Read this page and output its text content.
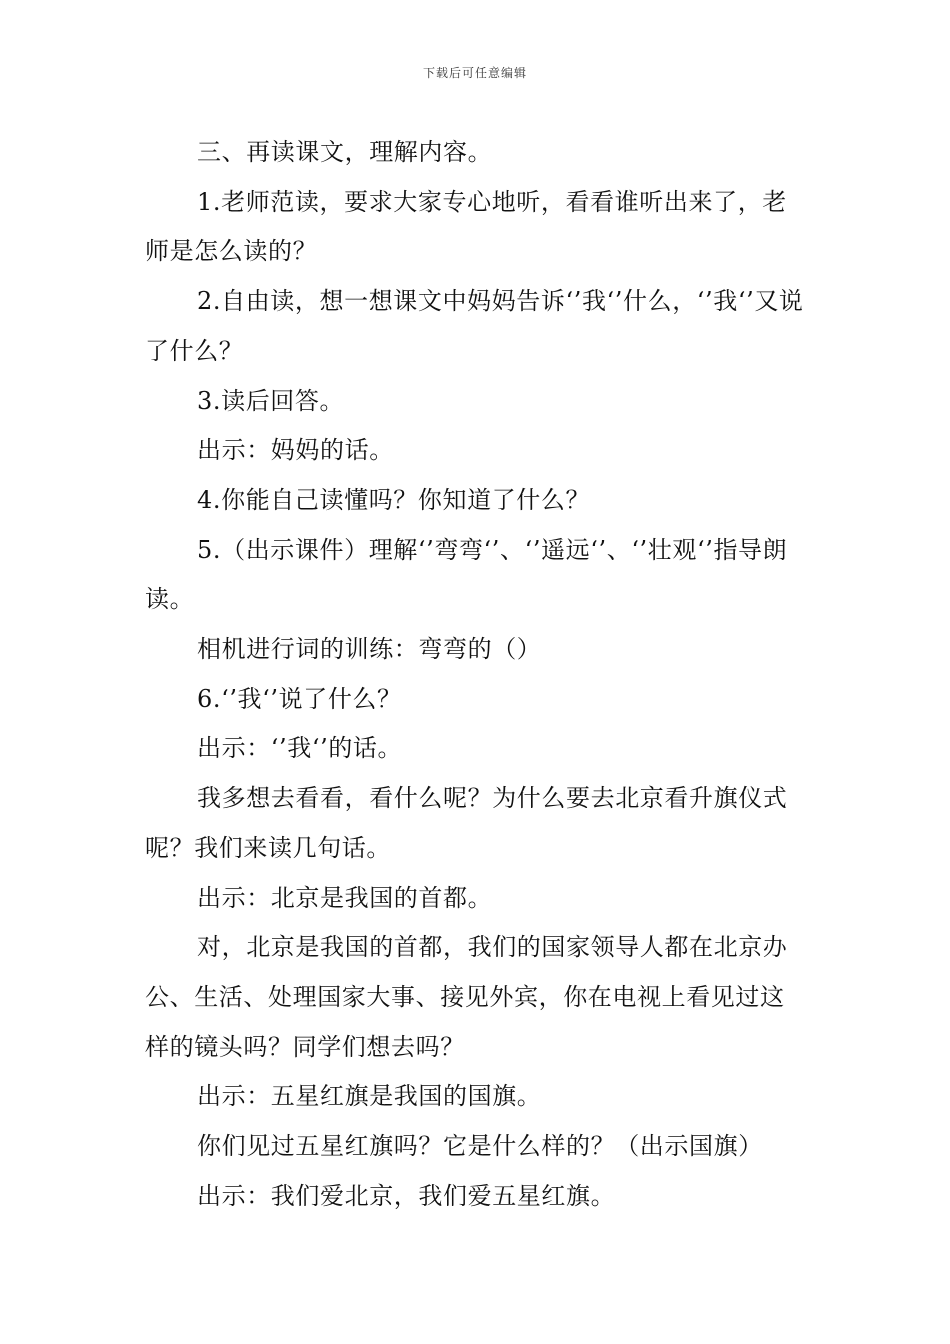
下载后可任意编辑

三、再读课文，理解内容。

1.老师范读，要求大家专心地听，看看谁听出来了，老师是怎么读的？

2.自由读，想一想课文中妈妈告诉‘’我‘’什么，‘’我‘’又说了什么？

3.读后回答。

出示：妈妈的话。

4.你能自己读懂吗？你知道了什么？

5.（出示课件）理解‘’弯弯‘’、‘’遥远‘’、‘’壮观‘’指导朗读。

相机进行词的训练：弯弯的（）

6.‘’我‘’说了什么？

出示：‘’我‘’的话。

我多想去看看，看什么呢？为什么要去北京看升旗仪式呢？我们来读几句话。

出示：北京是我国的首都。

对，北京是我国的首都，我们的国家领导人都在北京办公、生活、处理国家大事、接见外宾，你在电视上看见过这样的镜头吗？同学们想去吗？

出示：五星红旗是我国的国旗。

你们见过五星红旗吗？它是什么样的？（出示国旗）

出示：我们爱北京，我们爱五星红旗。
